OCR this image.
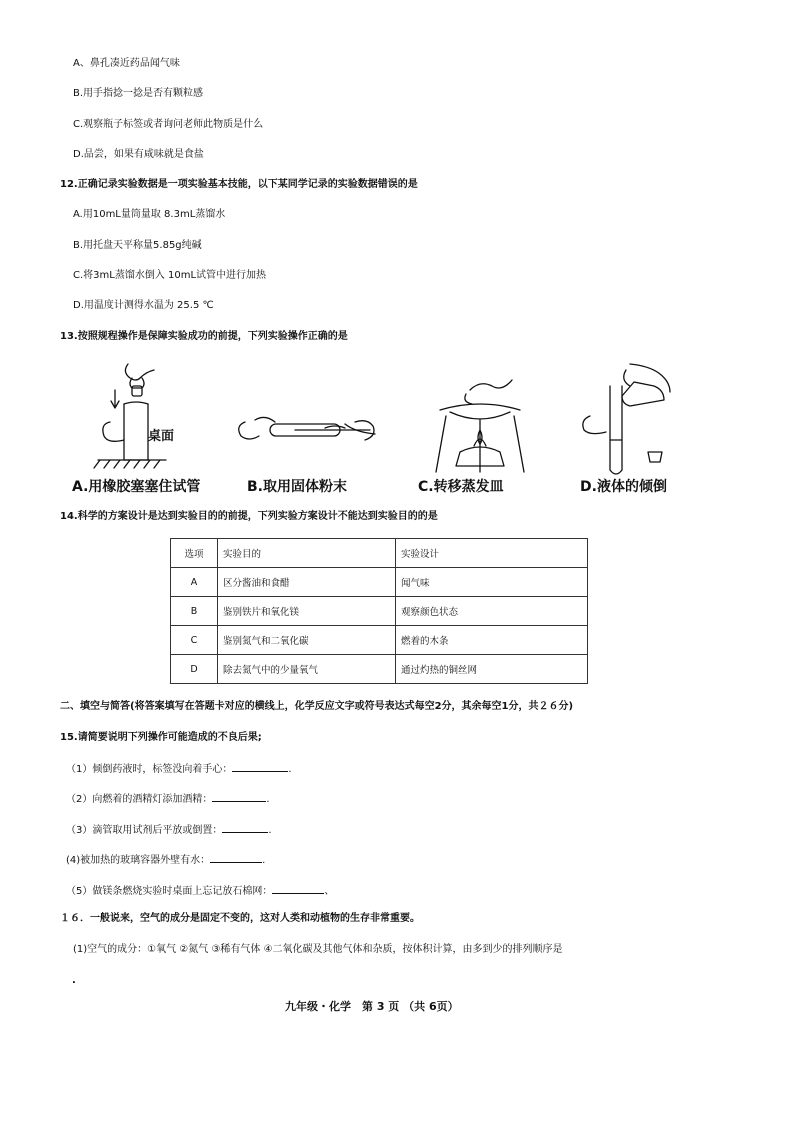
A、鼻孔凑近药品闻气味
B.用手指捻一捻是否有颗粒感
C.观察瓶子标签或者询问老师此物质是什么
D.品尝，如果有咸味就是食盐
12.正确记录实验数据是一项实验基本技能，以下某同学记录的实验数据错误的是
A.用10mL量筒量取 8.3mL蒸馏水
B.用托盘天平称量5.85g纯碱
C.将3mL蒸馏水倒入 10mL试管中进行加热
D.用温度计测得水温为 25.5 ℃
13.按照规程操作是保障实验成功的前提，下列实验操作正确的是
桌面
A.用橡胶塞塞住试管	B.取用固体粉末	C.转移蒸发皿	D.液体的倾倒
14.科学的方案设计是达到实验目的的前提，下列实验方案设计不能达到实验目的的是
选项	实验目的	实验设计
A	区分酱油和食醋	闻气味
B	鉴别铁片和氧化镁	观察颜色状态
C	鉴别氮气和二氧化碳	燃着的木条
D	除去氮气中的少量氧气	通过灼热的铜丝网
二、填空与简答(将答案填写在答题卡对应的横线上，化学反应文字或符号表达式每空2分，其余每空1分，共２６分)
15.请简要说明下列操作可能造成的不良后果;
（1）倾倒药液时，标签没向着手心：	.
（2）向燃着的酒精灯添加酒精：	.
（3）滴管取用试剂后平放或倒置：	.
(4)被加热的玻璃容器外壁有水：	.
（5）做镁条燃烧实验时桌面上忘记放石棉网：	、
１６．一般说来，空气的成分是固定不变的，这对人类和动植物的生存非常重要。
(1)空气的成分：①氧气 ②氮气 ③稀有气体 ④二氧化碳及其他气体和杂质，按体积计算，由多到少的排列顺序是
.
九年级・化学　第 3 页 （共 6页）
